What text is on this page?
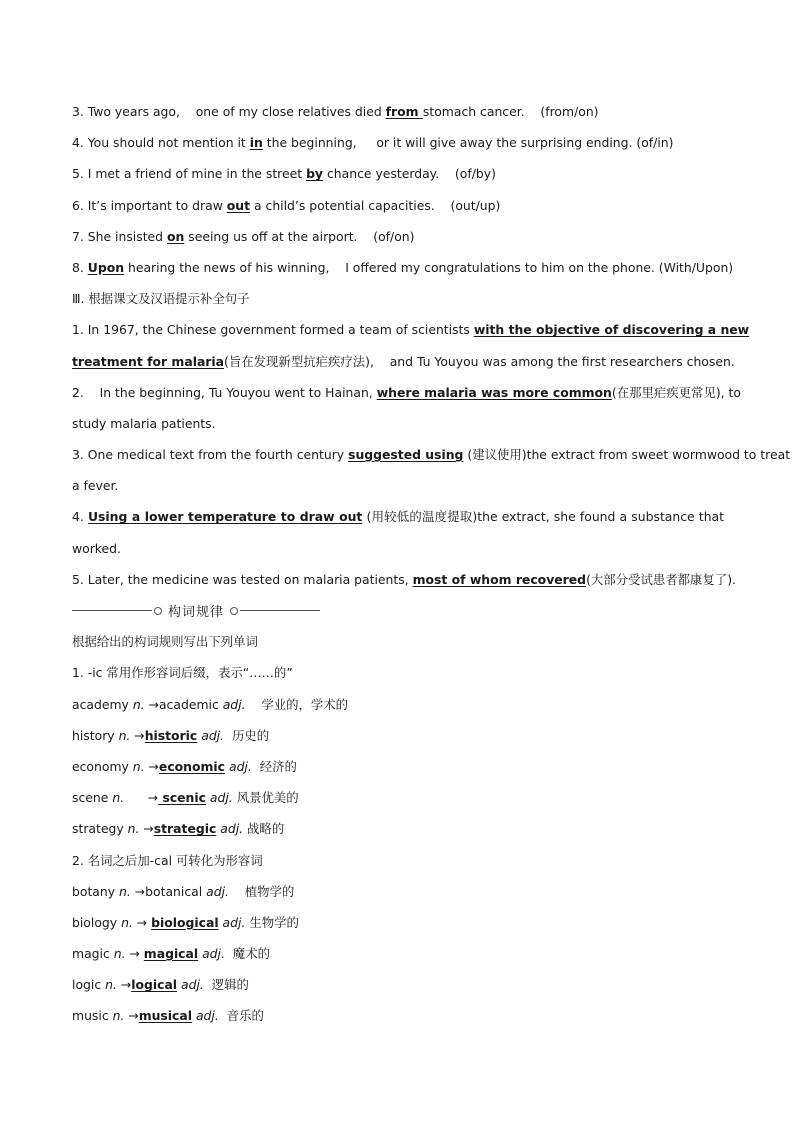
3. Two years ago,    one of my close relatives died from stomach cancer.    (from/on)
4. You should not mention it in the beginning,     or it will give away the surprising ending. (of/in)
5. I met a friend of mine in the street by chance yesterday.    (of/by)
6. It’s important to draw out a child’s potential capacities.    (out/up)
7. She insisted on seeing us off at the airport.    (of/on)
8. Upon hearing the news of his winning,    I offered my congratulations to him on the phone. (With/Upon)
Ⅲ. 根据课文及汉语提示补全句子
1. In 1967, the Chinese government formed a team of scientists with the objective of discovering a new
treatment for malaria(旨在发现新型抗疟疾疗法),    and Tu Youyou was among the first researchers chosen.
2.    In the beginning, Tu Youyou went to Hainan, where malaria was more common(在那里疟疾更常见), to
study malaria patients.
3. One medical text from the fourth century suggested using (建议使用)the extract from sweet wormwood to treat
a fever.
4. Using a lower temperature to draw out (用较低的温度提取)the extract, she found a substance that
worked.
5. Later, the medicine was tested on malaria patients, most of whom recovered(大部分受试患者都康复了).
构词规律
根据给出的构词规则写出下列单词
1. -ic 常用作形容词后缀，表示“……的”
academy n. →academic adj.    学业的，学术的
history n. →historic adj.  历史的
economy n. →economic adj.  经济的
scene n.      → scenic adj. 风景优美的
strategy n. →strategic adj. 战略的
2. 名词之后加-cal 可转化为形容词
botany n. →botanical adj.    植物学的
biology n. → biological adj. 生物学的
magic n. → magical adj.  魔术的
logic n. →logical adj.  逻辑的
music n. →musical adj.  音乐的
